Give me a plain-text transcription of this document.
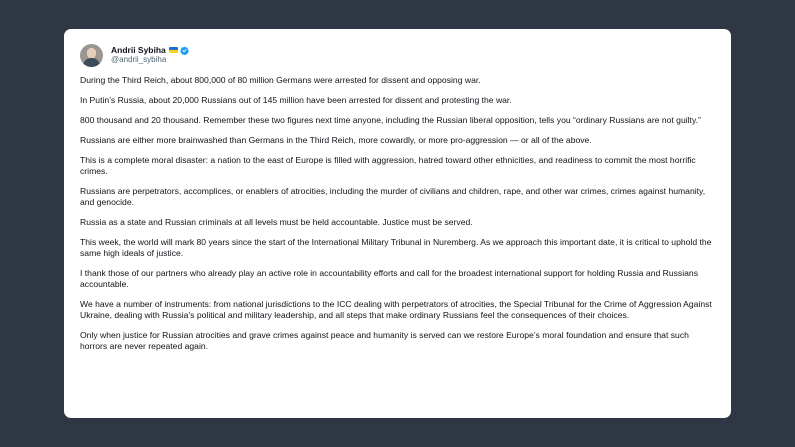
Andrii Sybiha
@andrii_sybiha

During the Third Reich, about 800,000 of 80 million Germans were arrested for dissent and opposing war.

In Putin’s Russia, about 20,000 Russians out of 145 million have been arrested for dissent and protesting the war.

800 thousand and 20 thousand. Remember these two figures next time anyone, including the Russian liberal opposition, tells you “ordinary Russians are not guilty.”

Russians are either more brainwashed than Germans in the Third Reich, more cowardly, or more pro-aggression — or all of the above.

This is a complete moral disaster: a nation to the east of Europe is filled with aggression, hatred toward other ethnicities, and readiness to commit the most horrific crimes.

Russians are perpetrators, accomplices, or enablers of atrocities, including the murder of civilians and children, rape, and other war crimes, crimes against humanity, and genocide.

Russia as a state and Russian criminals at all levels must be held accountable. Justice must be served.

This week, the world will mark 80 years since the start of the International Military Tribunal in Nuremberg. As we approach this important date, it is critical to uphold the same high ideals of justice.

I thank those of our partners who already play an active role in accountability efforts and call for the broadest international support for holding Russia and Russians accountable.

We have a number of instruments: from national jurisdictions to the ICC dealing with perpetrators of atrocities, the Special Tribunal for the Crime of Aggression Against Ukraine, dealing with Russia’s political and military leadership, and all steps that make ordinary Russians feel the consequences of their choices.

Only when justice for Russian atrocities and grave crimes against peace and humanity is served can we restore Europe’s moral foundation and ensure that such horrors are never repeated again.
